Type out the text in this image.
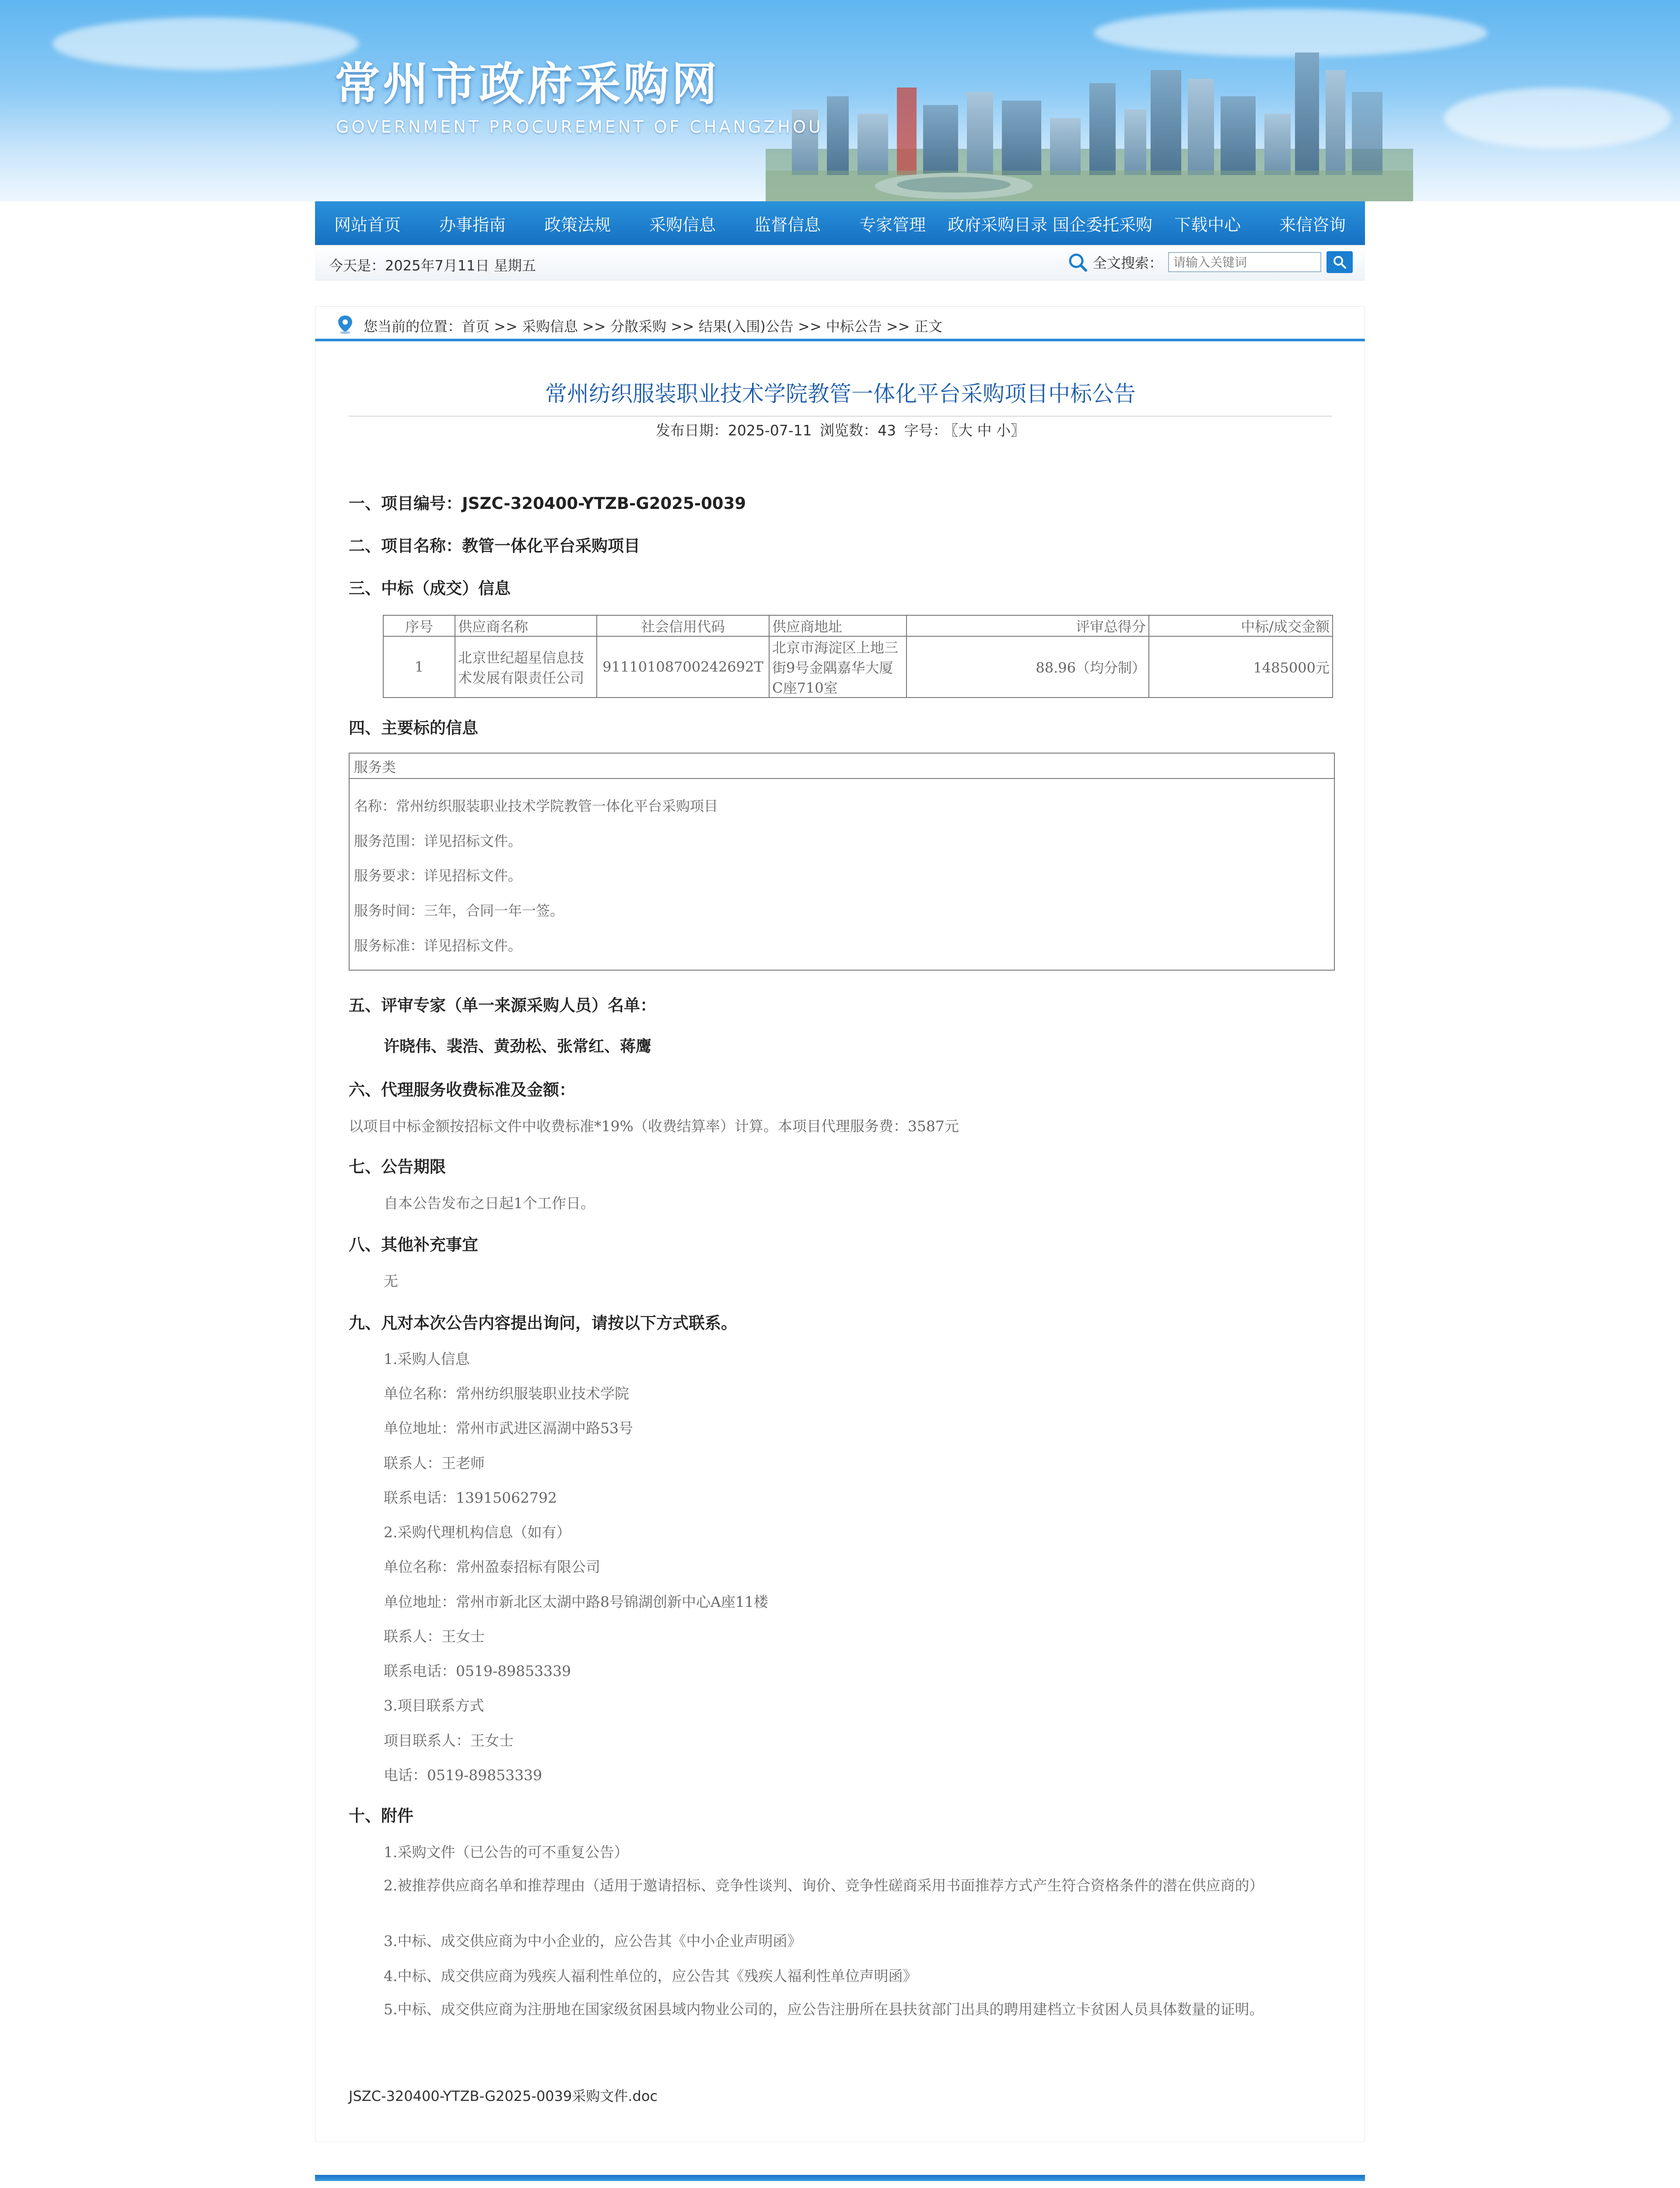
常州市政府采购网
GOVERNMENT PROCUREMENT OF CHANGZHOU
网站首页	办事指南	政策法规	采购信息	监督信息	专家管理	政府采购目录 国企委托采购	下载中心	来信咨询
今天是：2025年7月11日 星期五	全文搜索：
请输入关键词
您当前的位置：首页 >> 采购信息 >> 分散采购 >> 结果(入围)公告 >> 中标公告 >> 正文
常州纺织服装职业技术学院教管一体化平台采购项目中标公告
发布日期：2025-07-11 浏览数：43 字号： 〖大 中 小〗
一、项目编号：JSZC-320400-YTZB-G2025-0039
二、项目名称：教管一体化平台采购项目
三、中标（成交）信息
序号	供应商名称	社会信用代码	供应商地址	评审总得分	中标/成交金额
1	北京世纪超星信息技术发展有限责任公司	91110108700242692T	北京市海淀区上地三街9号金隅嘉华大厦C座710室	88.96（均分制）	1485000元
四、主要标的信息
服务类
名称：常州纺织服装职业技术学院教管一体化平台采购项目
服务范围：详见招标文件。
服务要求：详见招标文件。
服务时间：三年，合同一年一签。
服务标准：详见招标文件。
五、评审专家（单一来源采购人员）名单：
许晓伟、裴浩、黄劲松、张常红、蒋鹰
六、代理服务收费标准及金额：
以项目中标金额按招标文件中收费标准*19%（收费结算率）计算。本项目代理服务费：3587元
七、公告期限
自本公告发布之日起1个工作日。
八、其他补充事宜
无
九、凡对本次公告内容提出询问，请按以下方式联系。
1.采购人信息
单位名称：常州纺织服装职业技术学院
单位地址：常州市武进区滆湖中路53号
联系人：王老师
联系电话：13915062792
2.采购代理机构信息（如有）
单位名称：常州盈泰招标有限公司
单位地址：常州市新北区太湖中路8号锦湖创新中心A座11楼
联系人：王女士
联系电话：0519-89853339
3.项目联系方式
项目联系人：王女士
电话：0519-89853339
十、附件
1.采购文件（已公告的可不重复公告）
2.被推荐供应商名单和推荐理由（适用于邀请招标、竞争性谈判、询价、竞争性磋商采用书面推荐方式产生符合资格条件的潜在供应商的）
3.中标、成交供应商为中小企业的，应公告其《中小企业声明函》
4.中标、成交供应商为残疾人福利性单位的，应公告其《残疾人福利性单位声明函》
5.中标、成交供应商为注册地在国家级贫困县域内物业公司的，应公告注册所在县扶贫部门出具的聘用建档立卡贫困人员具体数量的证明。
JSZC-320400-YTZB-G2025-0039采购文件.doc
